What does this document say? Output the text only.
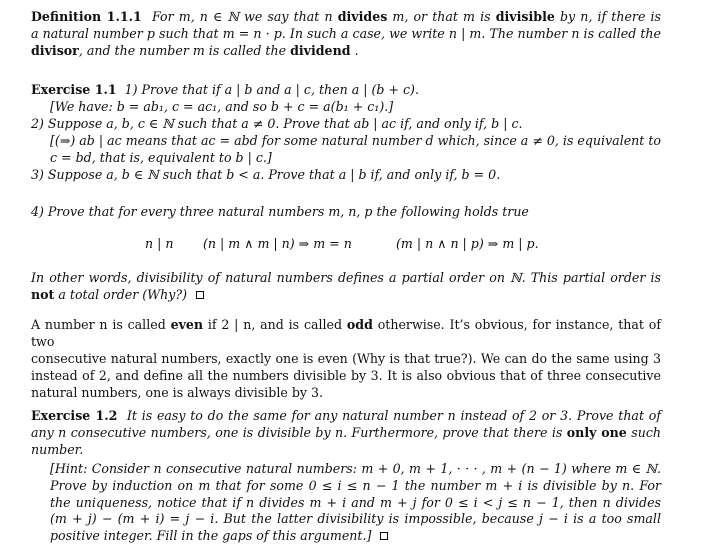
Definition 1.1.1 For m, n ∈ ℕ we say that n divides m, or that m is divisible by n, if there is
a natural number p such that m = n · p. In such a case, we write n | m. The number n is called the
divisor, and the number m is called the dividend .
Exercise 1.1 1) Prove that if a | b and a | c, then a | (b + c).
[We have: b = ab₁, c = ac₁, and so b + c = a(b₁ + c₁).]
2) Suppose a, b, c ∈ ℕ such that a ≠ 0. Prove that ab | ac if, and only if, b | c.
[(⇒) ab | ac means that ac = abd for some natural number d which, since a ≠ 0, is equivalent to
c = bd, that is, equivalent to b | c.]
3) Suppose a, b ∈ ℕ such that b < a. Prove that a | b if, and only if, b = 0.
4) Prove that for every three natural numbers m, n, p the following holds true
n | n (n | m ∧ m | n) ⇒ m = n	(m | n ∧ n | p) ⇒ m | p.
In other words, divisibility of natural numbers defines a partial order on ℕ. This partial order is
not a total order (Why?)
A number n is called even if 2 | n, and is called odd otherwise. It’s obvious, for instance, that of two
consecutive natural numbers, exactly one is even (Why is that true?). We can do the same using 3
instead of 2, and define all the numbers divisible by 3. It is also obvious that of three consecutive
natural numbers, one is always divisible by 3.
Exercise 1.2 It is easy to do the same for any natural number n instead of 2 or 3. Prove that of
any n consecutive numbers, one is divisible by n. Furthermore, prove that there is only one such
number.
[Hint: Consider n consecutive natural numbers: m + 0, m + 1, · · · , m + (n − 1) where m ∈ ℕ.
Prove by induction on m that for some 0 ≤ i ≤ n − 1 the number m + i is divisible by n. For
the uniqueness, notice that if n divides m + i and m + j for 0 ≤ i < j ≤ n − 1, then n divides
(m + j) − (m + i) = j − i. But the latter divisibility is impossible, because j − i is a too small
positive integer. Fill in the gaps of this argument.]
